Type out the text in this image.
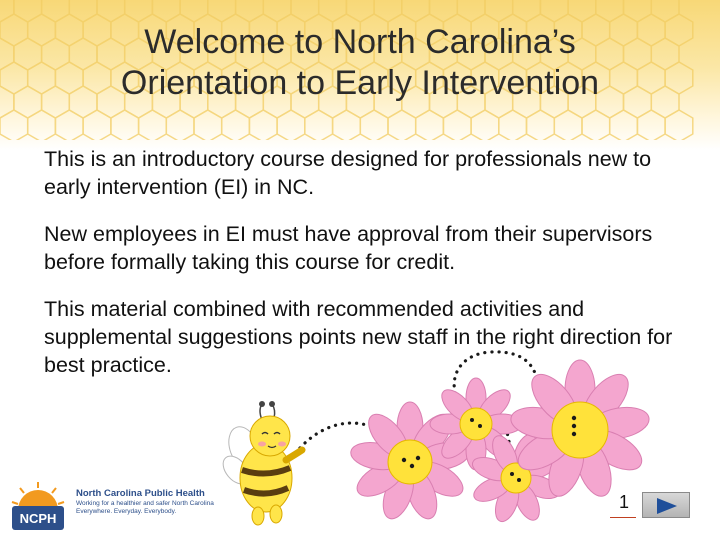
Welcome to North Carolina’s
Orientation to Early Intervention

This is an introductory course designed for professionals new to early intervention (EI) in NC.

New employees in EI must have approval from their supervisors before formally taking this course for credit.

This material combined with recommended activities and supplemental suggestions points new staff in the right direction for best practice.

NCPH

North Carolina Public Health

Working for a healthier and safer North Carolina Everywhere. Everyday. Everybody.	1
